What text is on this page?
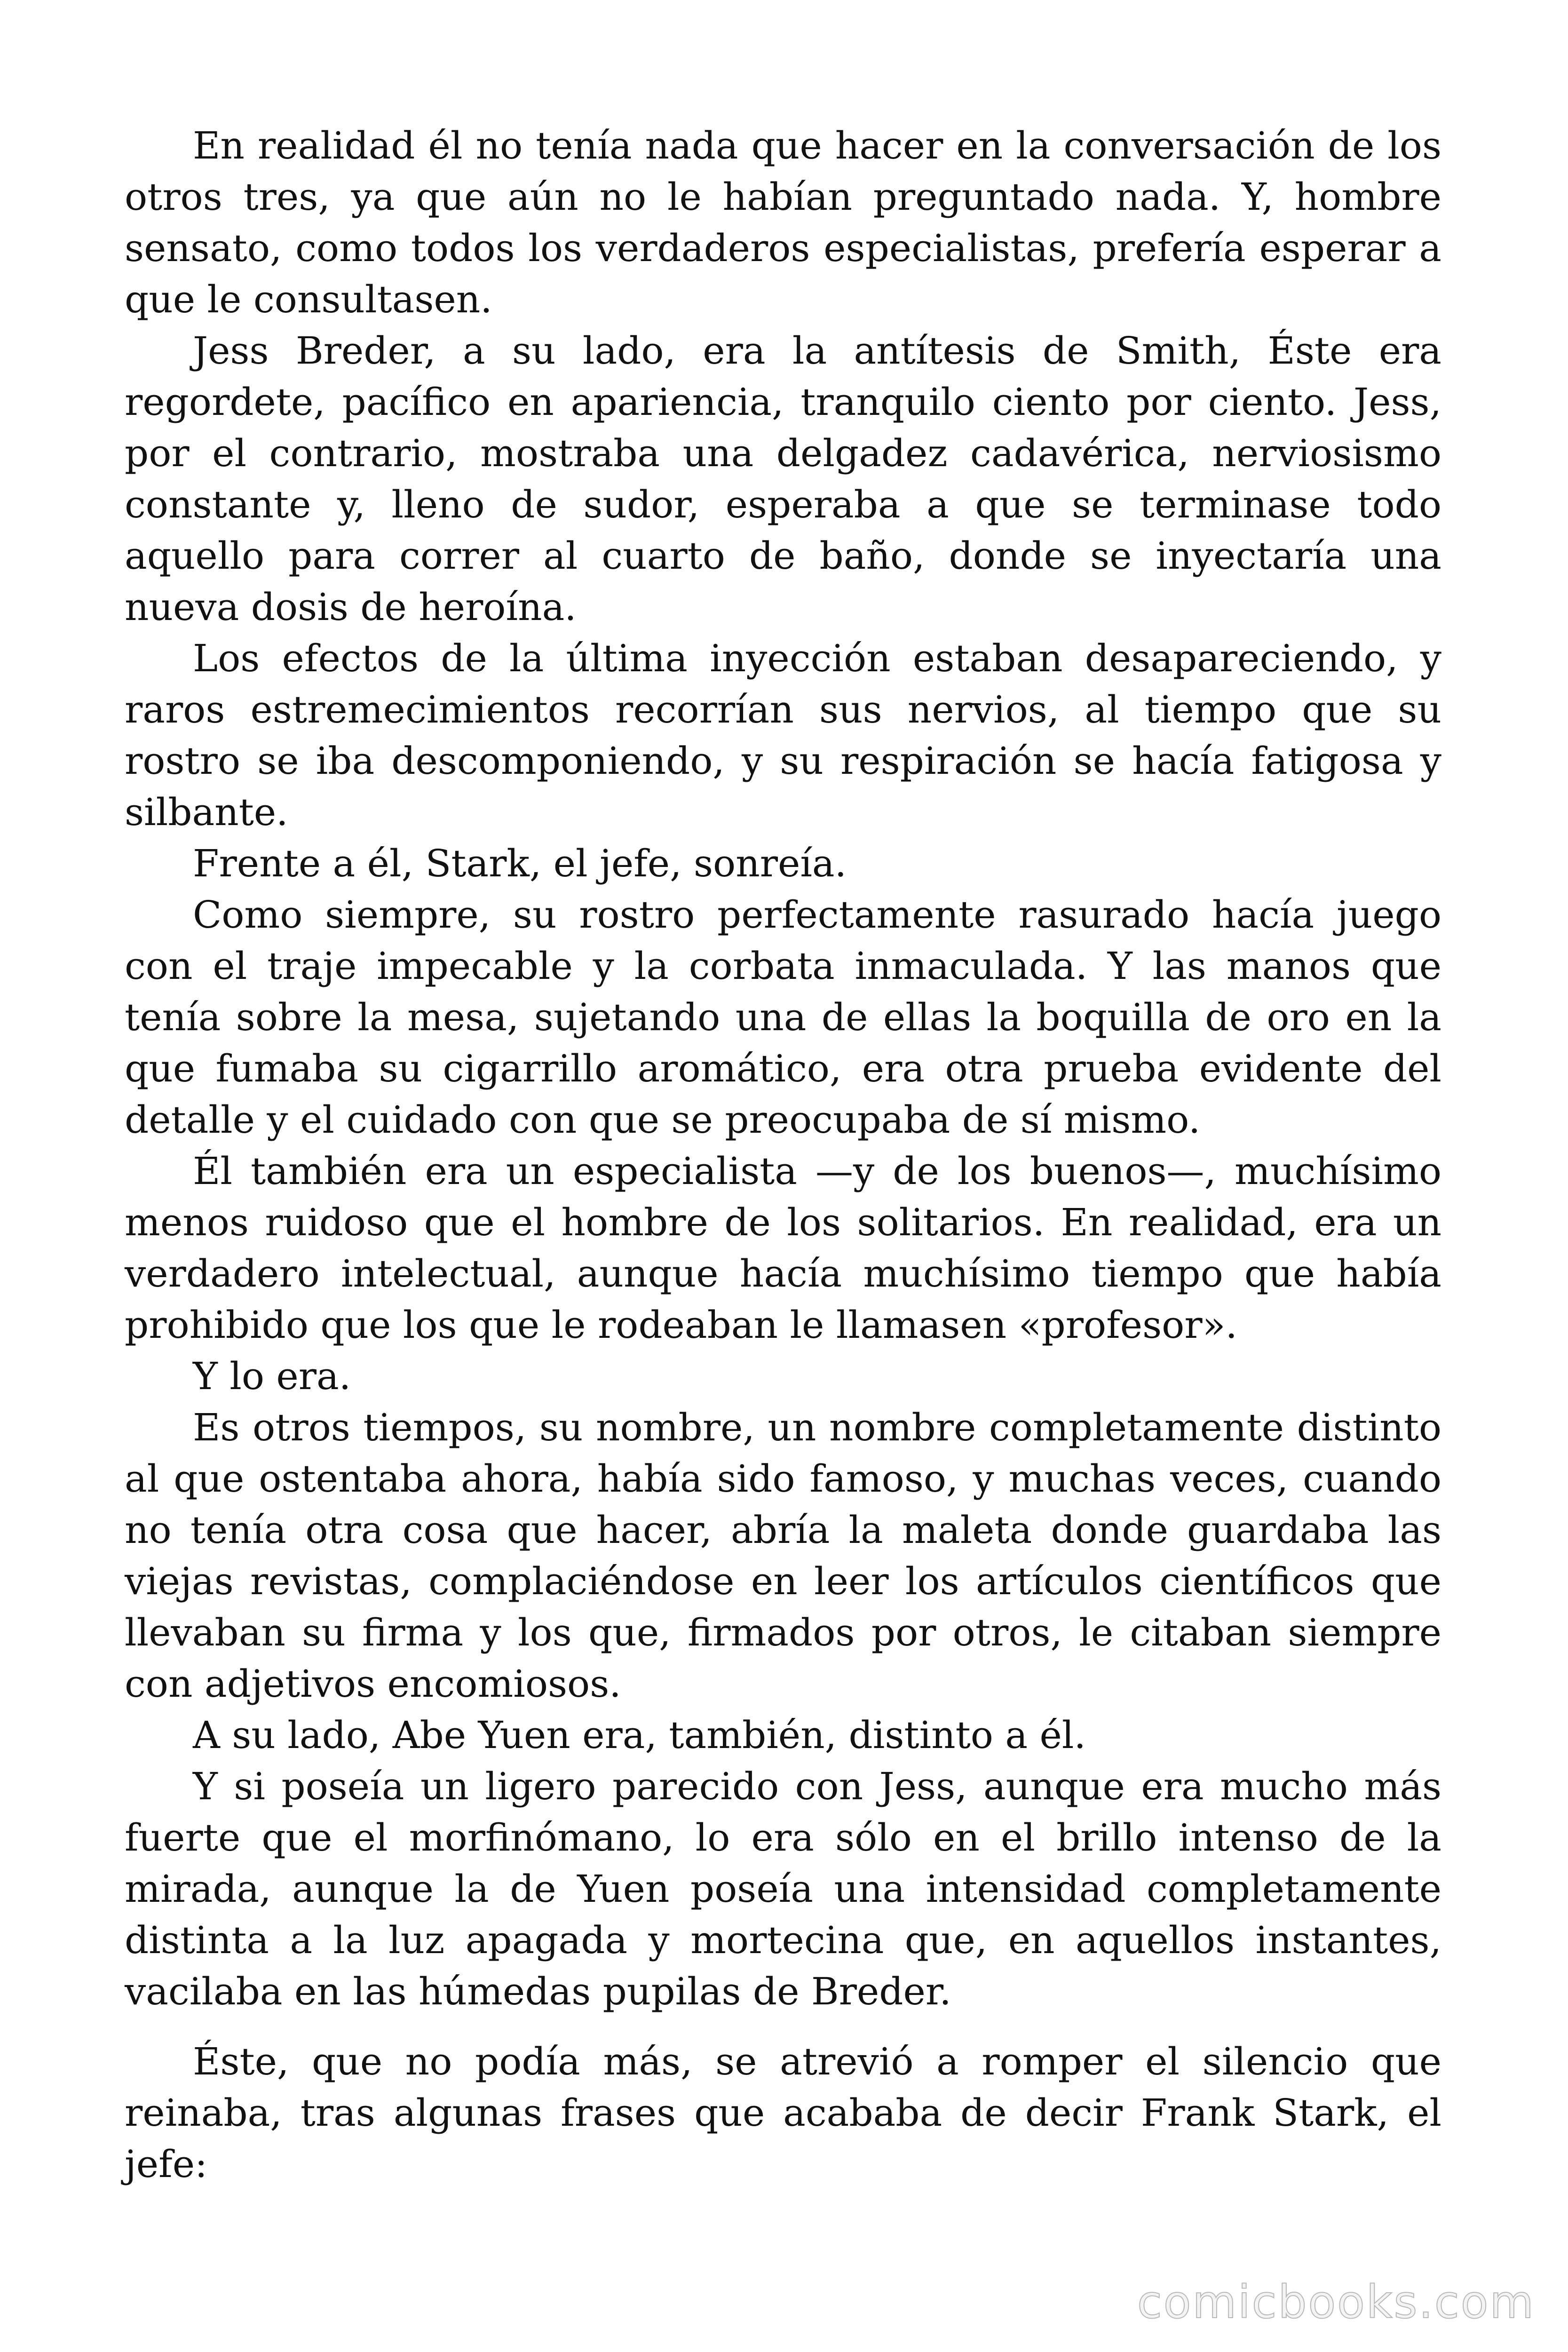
En realidad él no tenía nada que hacer en la conversación de los otros tres, ya que aún no le habían preguntado nada. Y, hombre sensato, como todos los verdaderos especialistas, prefería esperar a que le consultasen.

Jess Breder, a su lado, era la antítesis de Smith, Éste era regordete, pacífico en apariencia, tranquilo ciento por ciento. Jess, por el contrario, mostraba una delgadez cadavérica, nerviosismo constante y, lleno de sudor, esperaba a que se terminase todo aquello para correr al cuarto de baño, donde se inyectaría una nueva dosis de heroína.

Los efectos de la última inyección estaban desapareciendo, y raros estremecimientos recorrían sus nervios, al tiempo que su rostro se iba descomponiendo, y su respiración se hacía fatigosa y silbante.

Frente a él, Stark, el jefe, sonreía.

Como siempre, su rostro perfectamente rasurado hacía juego con el traje impecable y la corbata inmaculada. Y las manos que tenía sobre la mesa, sujetando una de ellas la boquilla de oro en la que fumaba su cigarrillo aromático, era otra prueba evidente del detalle y el cuidado con que se preocupaba de sí mismo.

Él también era un especialista —y de los buenos—, muchísimo menos ruidoso que el hombre de los solitarios. En realidad, era un verdadero intelectual, aunque hacía muchísimo tiempo que había prohibido que los que le rodeaban le llamasen «profesor».

Y lo era.

Es otros tiempos, su nombre, un nombre completamente distinto al que ostentaba ahora, había sido famoso, y muchas veces, cuando no tenía otra cosa que hacer, abría la maleta donde guardaba las viejas revistas, complaciéndose en leer los artículos científicos que llevaban su firma y los que, firmados por otros, le citaban siempre con adjetivos encomiosos.

A su lado, Abe Yuen era, también, distinto a él.

Y si poseía un ligero parecido con Jess, aunque era mucho más fuerte que el morfinómano, lo era sólo en el brillo intenso de la mirada, aunque la de Yuen poseía una intensidad completamente distinta a la luz apagada y mortecina que, en aquellos instantes, vacilaba en las húmedas pupilas de Breder.

Éste, que no podía más, se atrevió a romper el silencio que reinaba, tras algunas frases que acababa de decir Frank Stark, el jefe:

comicbooks.com
